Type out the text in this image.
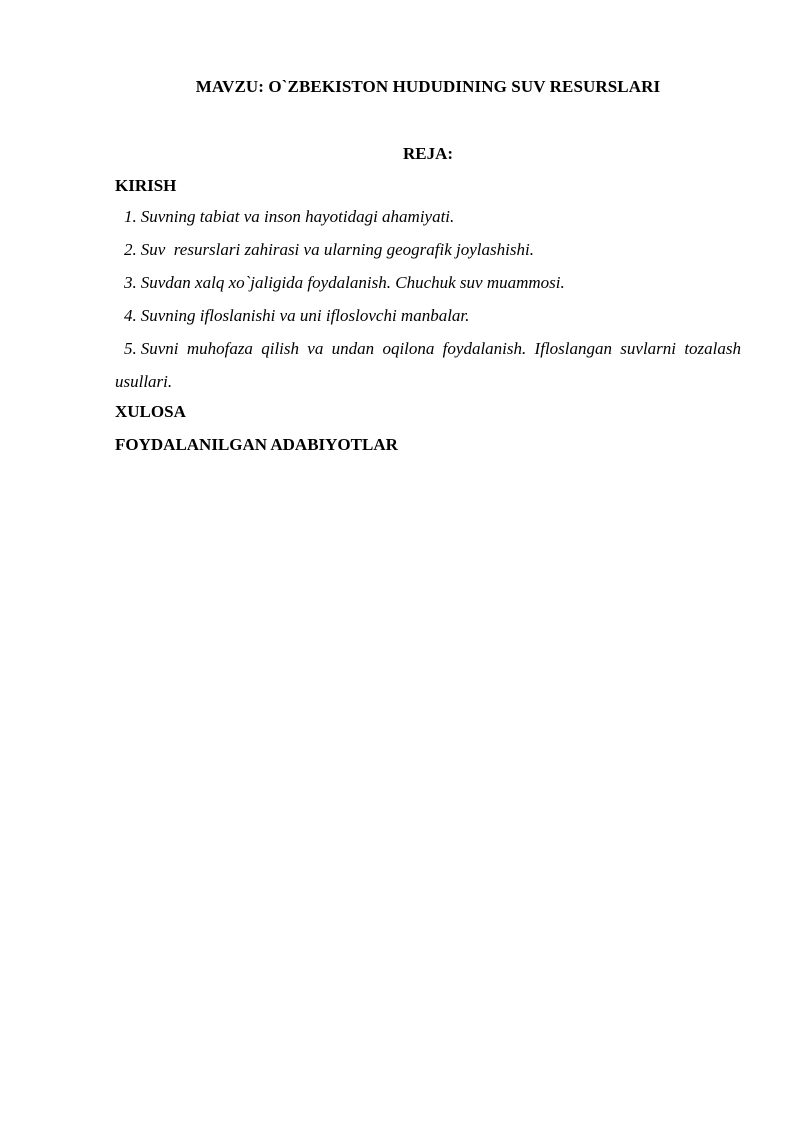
MAVZU: O`ZBEKISTON HUDUDINING SUV RESURSLARI
REJA:
KIRISH
1. Suvning tabiat va inson hayotidagi ahamiyati.
2. Suv  resurslari zahirasi va ularning geografik joylashishi.
3. Suvdan xalq xo`jaligida foydalanish. Chuchuk suv muammosi.
4. Suvning ifloslanishi va uni ifloslovchi manbalar.
5. Suvni muhofaza qilish va undan oqilona foydalanish. Ifloslangan suvlarni tozalash usullari.
XULOSA
FOYDALANILGAN ADABIYOTLAR
